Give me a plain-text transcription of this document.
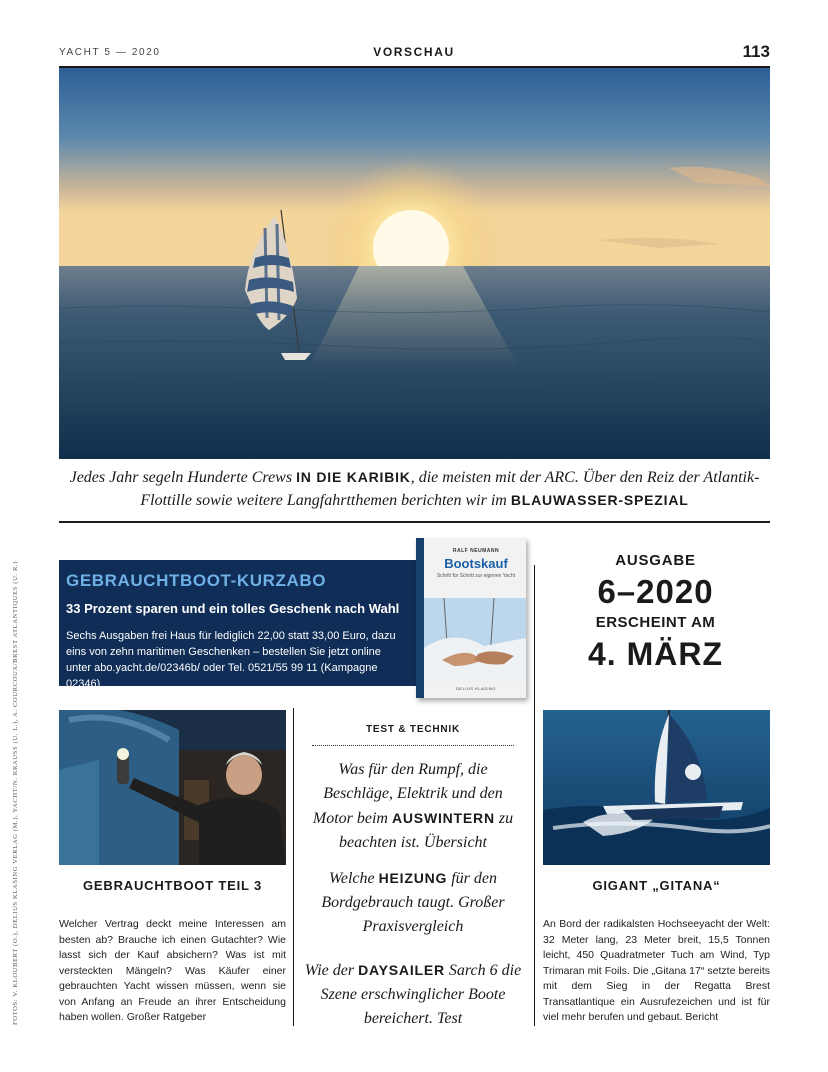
YACHT 5 — 2020	VORSCHAU	113
Jedes Jahr segeln Hunderte Crews IN DIE KARIBIK, die meisten mit der ARC. Über den Reiz der Atlantik-Flottille sowie weitere Langfahrtthemen berichten wir im BLAUWASSER-SPEZIAL
FOTOS: V. KLOUBERT (O.), DELIUS KLASING VERLAG (M.), YACHT/N. KRAUSS (U. L.), A. COURCOUX/BREST ATLANTIQUES (U. R.)	GEBRAUCHTBOOT-KURZABO
33 Prozent sparen und ein tolles Geschenk nach Wahl
Sechs Ausgaben frei Haus für lediglich 22,00 statt 33,00 Euro, dazu eins von zehn maritimen Geschenken – bestellen Sie jetzt online unter abo.yacht.de/02346b/ oder Tel. 0521/55 99 11 (Kampagne 02346)
RALF NEUMANN
Bootskauf
Schritt für Schritt zur eigenen Yacht
DELIUS KLASING
AUSGABE
6–2020
ERSCHEINT AM
4. MÄRZ
GEBRAUCHTBOOT TEIL 3
Welcher Vertrag deckt meine Interessen am besten ab? Brauche ich einen Gutachter? Wie lasst sich der Kauf absichern? Was ist mit versteckten Mängeln? Was Käufer einer gebrauchten Yacht wissen müssen, wenn sie von Anfang an Freude an ihrer Entscheidung haben wollen. Großer Ratgeber
TEST & TECHNIK
Was für den Rumpf, die Beschläge, Elektrik und den Motor beim AUSWINTERN zu beachten ist. Übersicht
Welche HEIZUNG für den Bordgebrauch taugt. Großer Praxisvergleich
Wie der DAYSAILER Sarch 6 die Szene erschwinglicher Boote bereichert. Test
GIGANT „GITANA“
An Bord der radikalsten Hochseeyacht der Welt: 32 Meter lang, 23 Meter breit, 15,5 Tonnen leicht, 450 Quadratmeter Tuch am Wind, Typ Trimaran mit Foils. Die „Gitana 17“ setzte bereits mit dem Sieg in der Regatta Brest Transatlantique ein Ausrufezeichen und ist für viel mehr berufen und gebaut. Bericht
